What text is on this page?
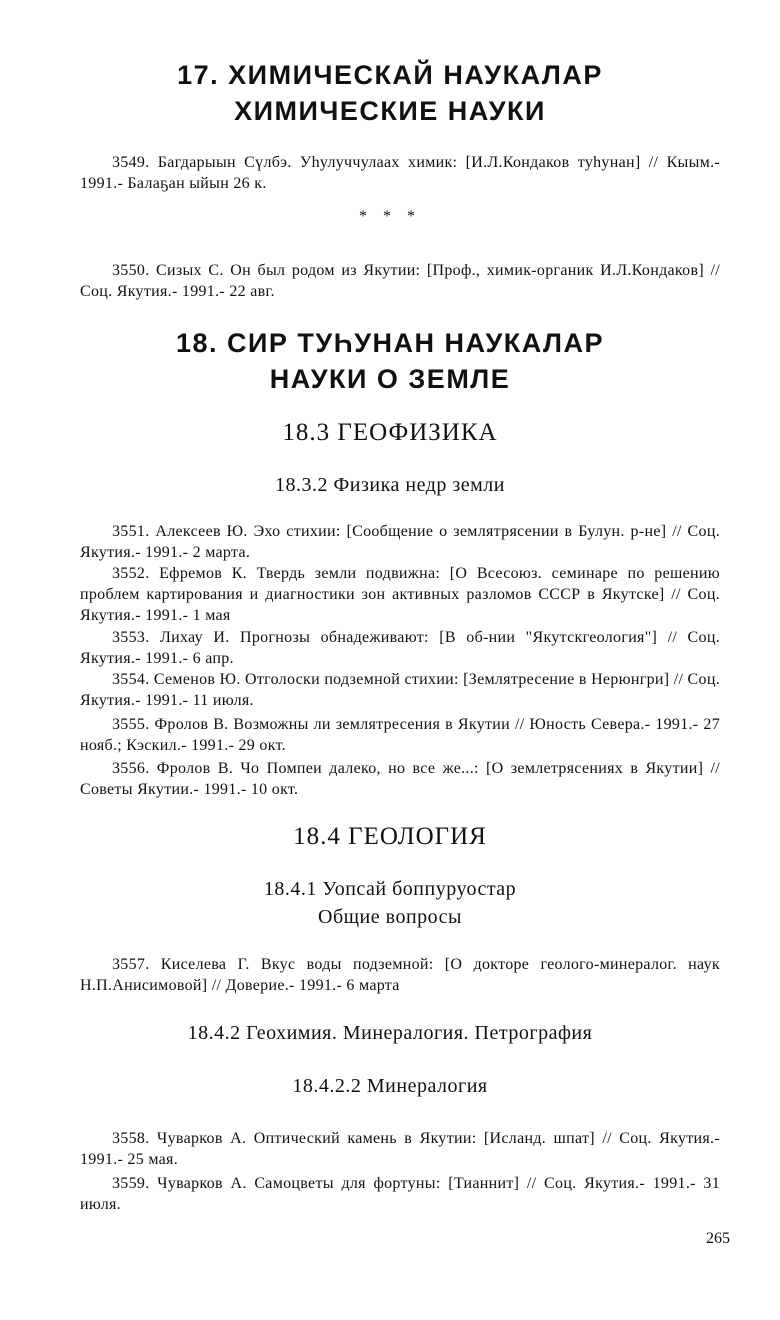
17. ХИМИЧЕСКАЙ НАУКАЛАР
ХИМИЧЕСКИЕ НАУКИ
3549. Багдарыын Сүлбэ. Уһулуччулаах химик: [И.Л.Кондаков туһунан] // Кыым.- 1991.- Балаҕан ыйын 26 к.
* * *
3550. Сизых С. Он был родом из Якутии: [Проф., химик-органик И.Л.Кондаков] // Соц. Якутия.- 1991.- 22 авг.
18. СИР ТУҺУНАН НАУКАЛАР
НАУКИ О ЗЕМЛЕ
18.3 ГЕОФИЗИКА
18.3.2 Физика недр земли
3551. Алексеев Ю. Эхо стихии: [Сообщение о землятрясении в Булун. р-не] // Соц. Якутия.- 1991.- 2 марта.
3552. Ефремов К. Твердь земли подвижна: [О Всесоюз. семинаре по решению проблем картирования и диагностики зон активных разломов СССР в Якутске] // Соц. Якутия.- 1991.- 1 мая
3553. Лихау И. Прогнозы обнадеживают: [В об-нии "Якутскгеология"] // Соц. Якутия.- 1991.- 6 апр.
3554. Семенов Ю. Отголоски подземной стихии: [Землятресение в Нерюнгри] // Соц. Якутия.- 1991.- 11 июля.
3555. Фролов В. Возможны ли землятресения в Якутии // Юность Севера.- 1991.- 27 нояб.; Кэскил.- 1991.- 29 окт.
3556. Фролов В. Чо Помпеи далеко, но все же...: [О землетрясениях в Якутии] // Советы Якутии.- 1991.- 10 окт.
18.4 ГЕОЛОГИЯ
18.4.1 Уопсай боппуруостар
Общие вопросы
3557. Киселева Г. Вкус воды подземной: [О докторе геолого-минералог. наук Н.П.Анисимовой] // Доверие.- 1991.- 6 марта
18.4.2 Геохимия. Минералогия. Петрография
18.4.2.2 Минералогия
3558. Чуварков А. Оптический камень в Якутии: [Исланд. шпат] // Соц. Якутия.- 1991.- 25 мая.
3559. Чуварков А. Самоцветы для фортуны: [Тианнит] // Соц. Якутия.- 1991.- 31 июля.
265
